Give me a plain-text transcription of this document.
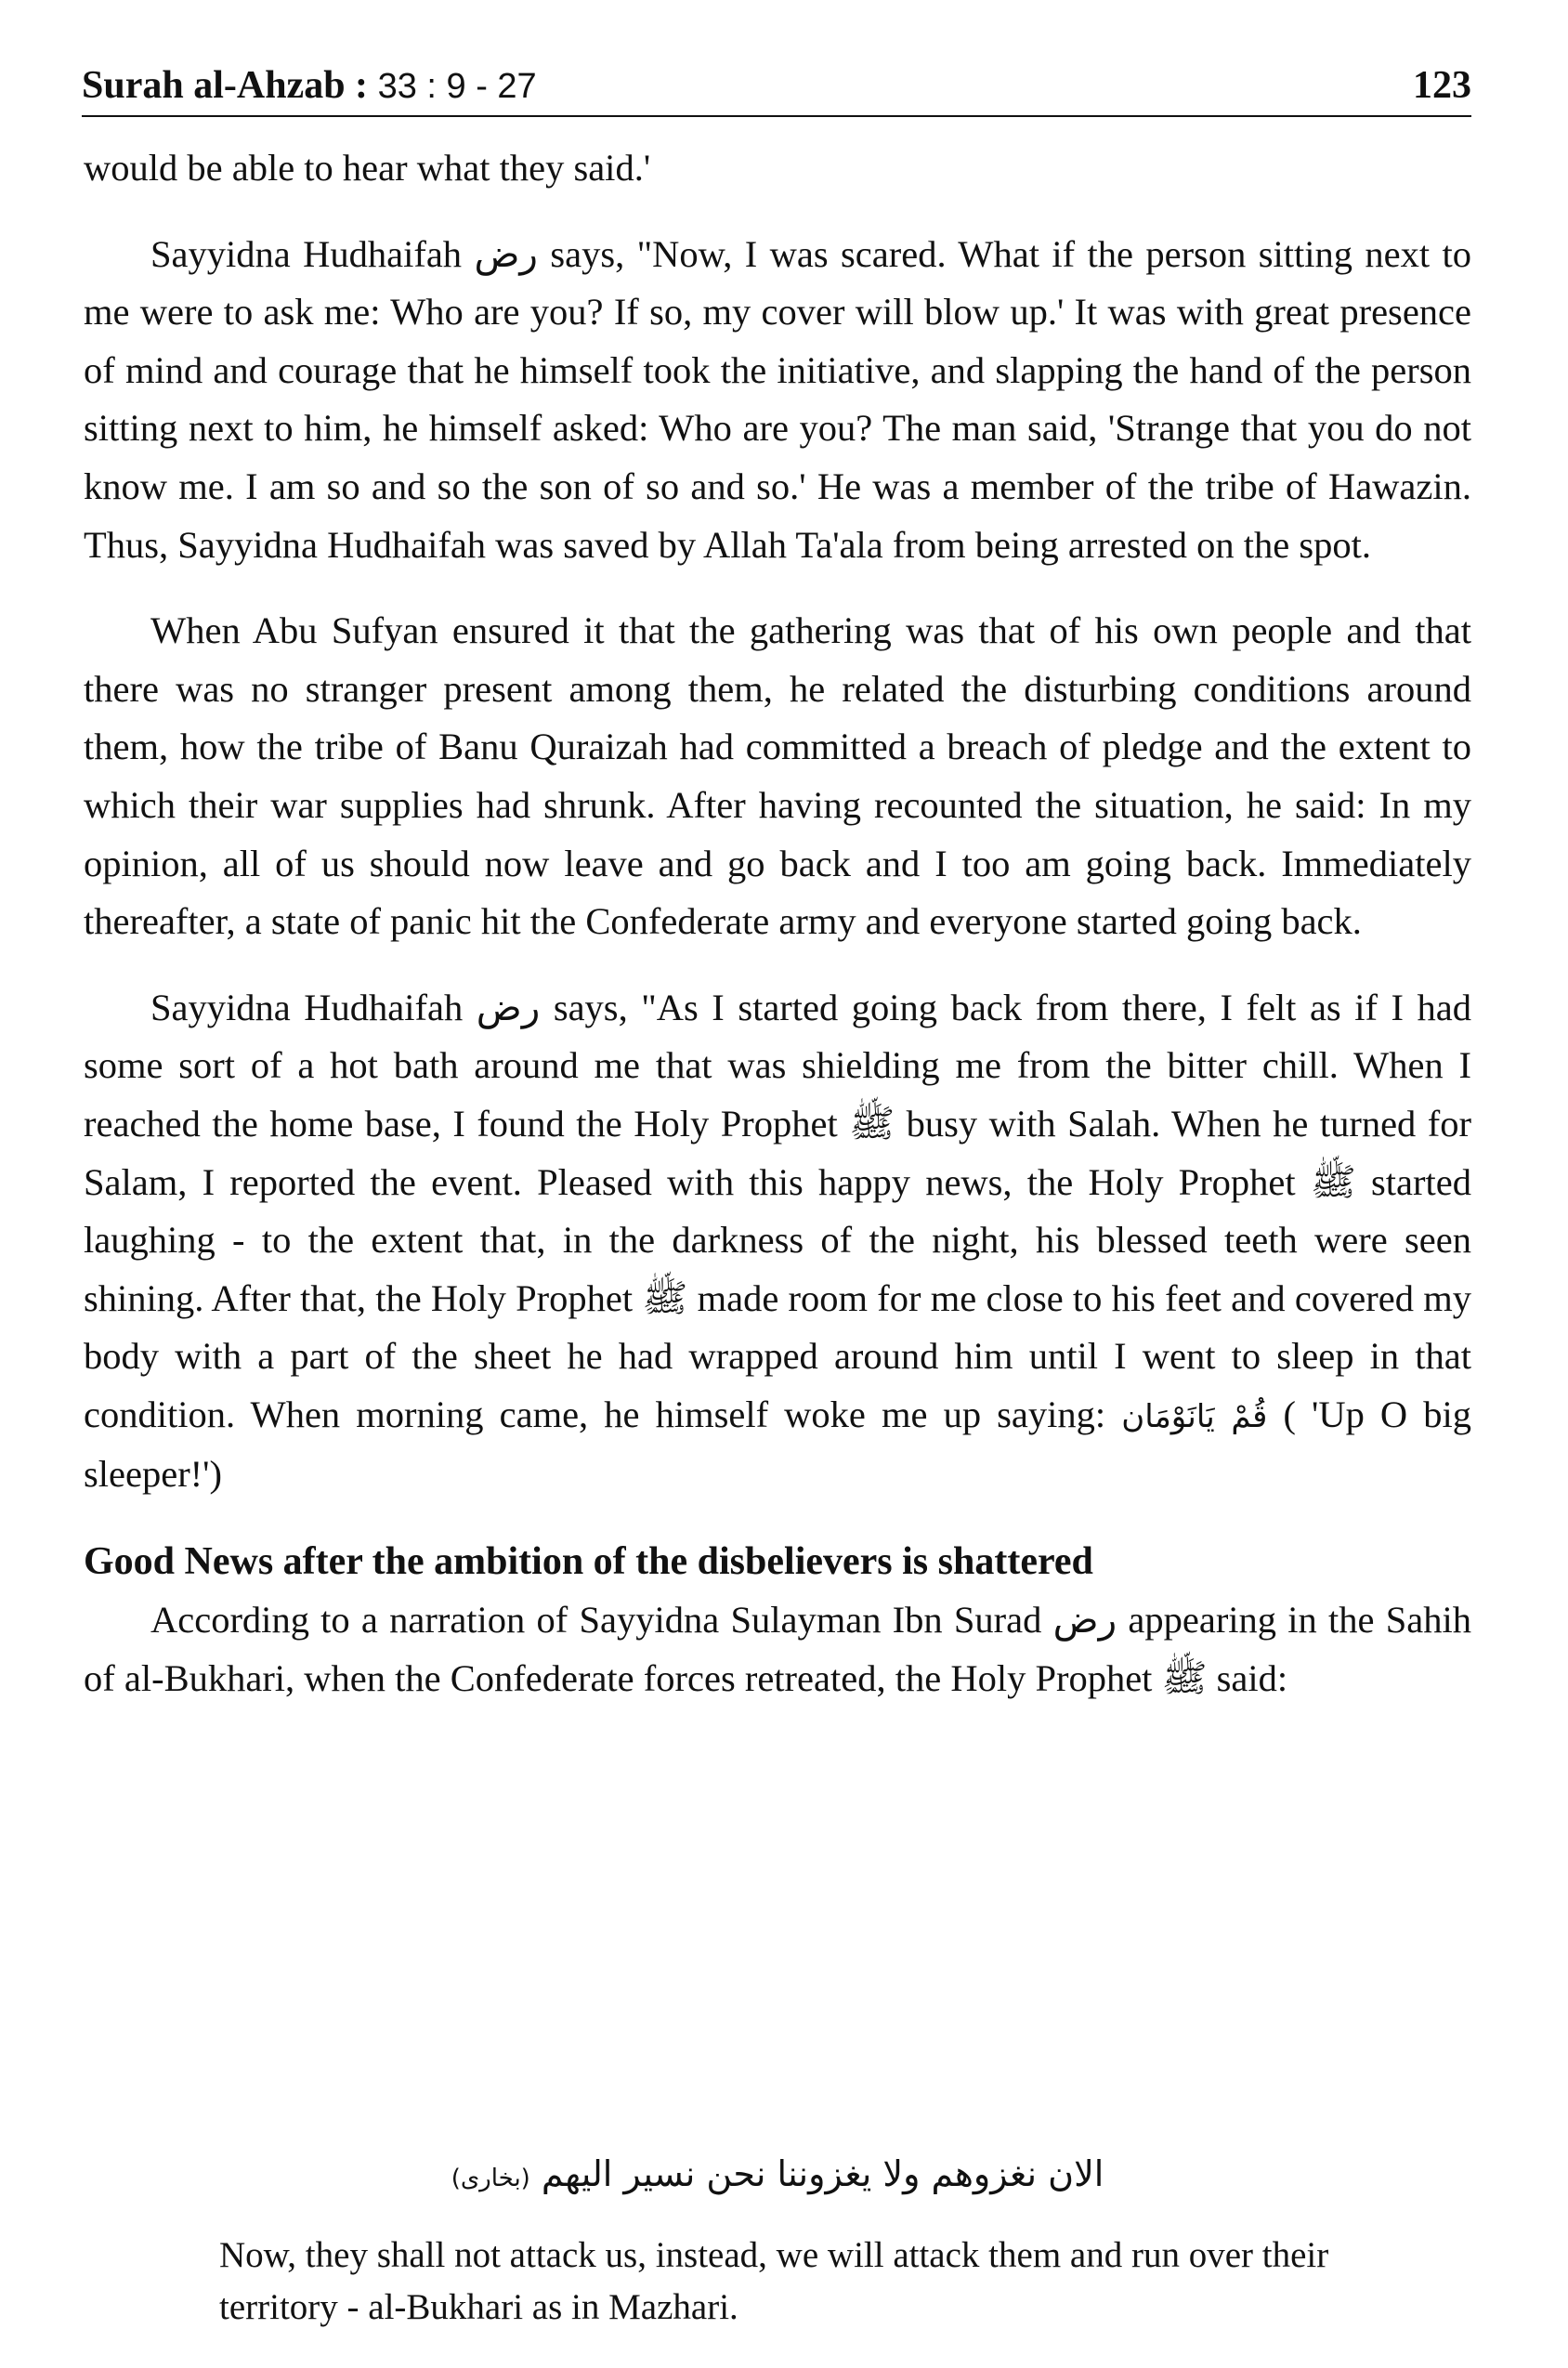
Surah al-Ahzab : 33 : 9 - 27	123

would be able to hear what they said.'

Sayyidna Hudhaifah رض says, "Now, I was scared. What if the person sitting next to me were to ask me: Who are you? If so, my cover will blow up.' It was with great presence of mind and courage that he himself took the initiative, and slapping the hand of the person sitting next to him, he himself asked: Who are you? The man said, 'Strange that you do not know me. I am so and so the son of so and so.' He was a member of the tribe of Hawazin. Thus, Sayyidna Hudhaifah was saved by Allah Ta'ala from being arrested on the spot.

When Abu Sufyan ensured it that the gathering was that of his own people and that there was no stranger present among them, he related the disturbing conditions around them, how the tribe of Banu Quraizah had committed a breach of pledge and the extent to which their war supplies had shrunk. After having recounted the situation, he said: In my opinion, all of us should now leave and go back and I too am going back. Immediately thereafter, a state of panic hit the Confederate army and everyone started going back.

Sayyidna Hudhaifah رض says, "As I started going back from there, I felt as if I had some sort of a hot bath around me that was shielding me from the bitter chill. When I reached the home base, I found the Holy Prophet ﷺ busy with Salah. When he turned for Salam, I reported the event. Pleased with this happy news, the Holy Prophet ﷺ started laughing - to the extent that, in the darkness of the night, his blessed teeth were seen shining. After that, the Holy Prophet ﷺ made room for me close to his feet and covered my body with a part of the sheet he had wrapped around him until I went to sleep in that condition. When morning came, he himself woke me up saying: قُمْ يَانَوْمَان ( 'Up O big sleeper!')

Good News after the ambition of the disbelievers is shattered

According to a narration of Sayyidna Sulayman Ibn Surad رض appearing in the Sahih of al-Bukhari, when the Confederate forces retreated, the Holy Prophet ﷺ said:

الان نغزوهم ولا يغزوننا نحن نسير اليهم (بخارى)
Now, they shall not attack us, instead, we will attack them and run over their territory - al-Bukhari as in Mazhari.
